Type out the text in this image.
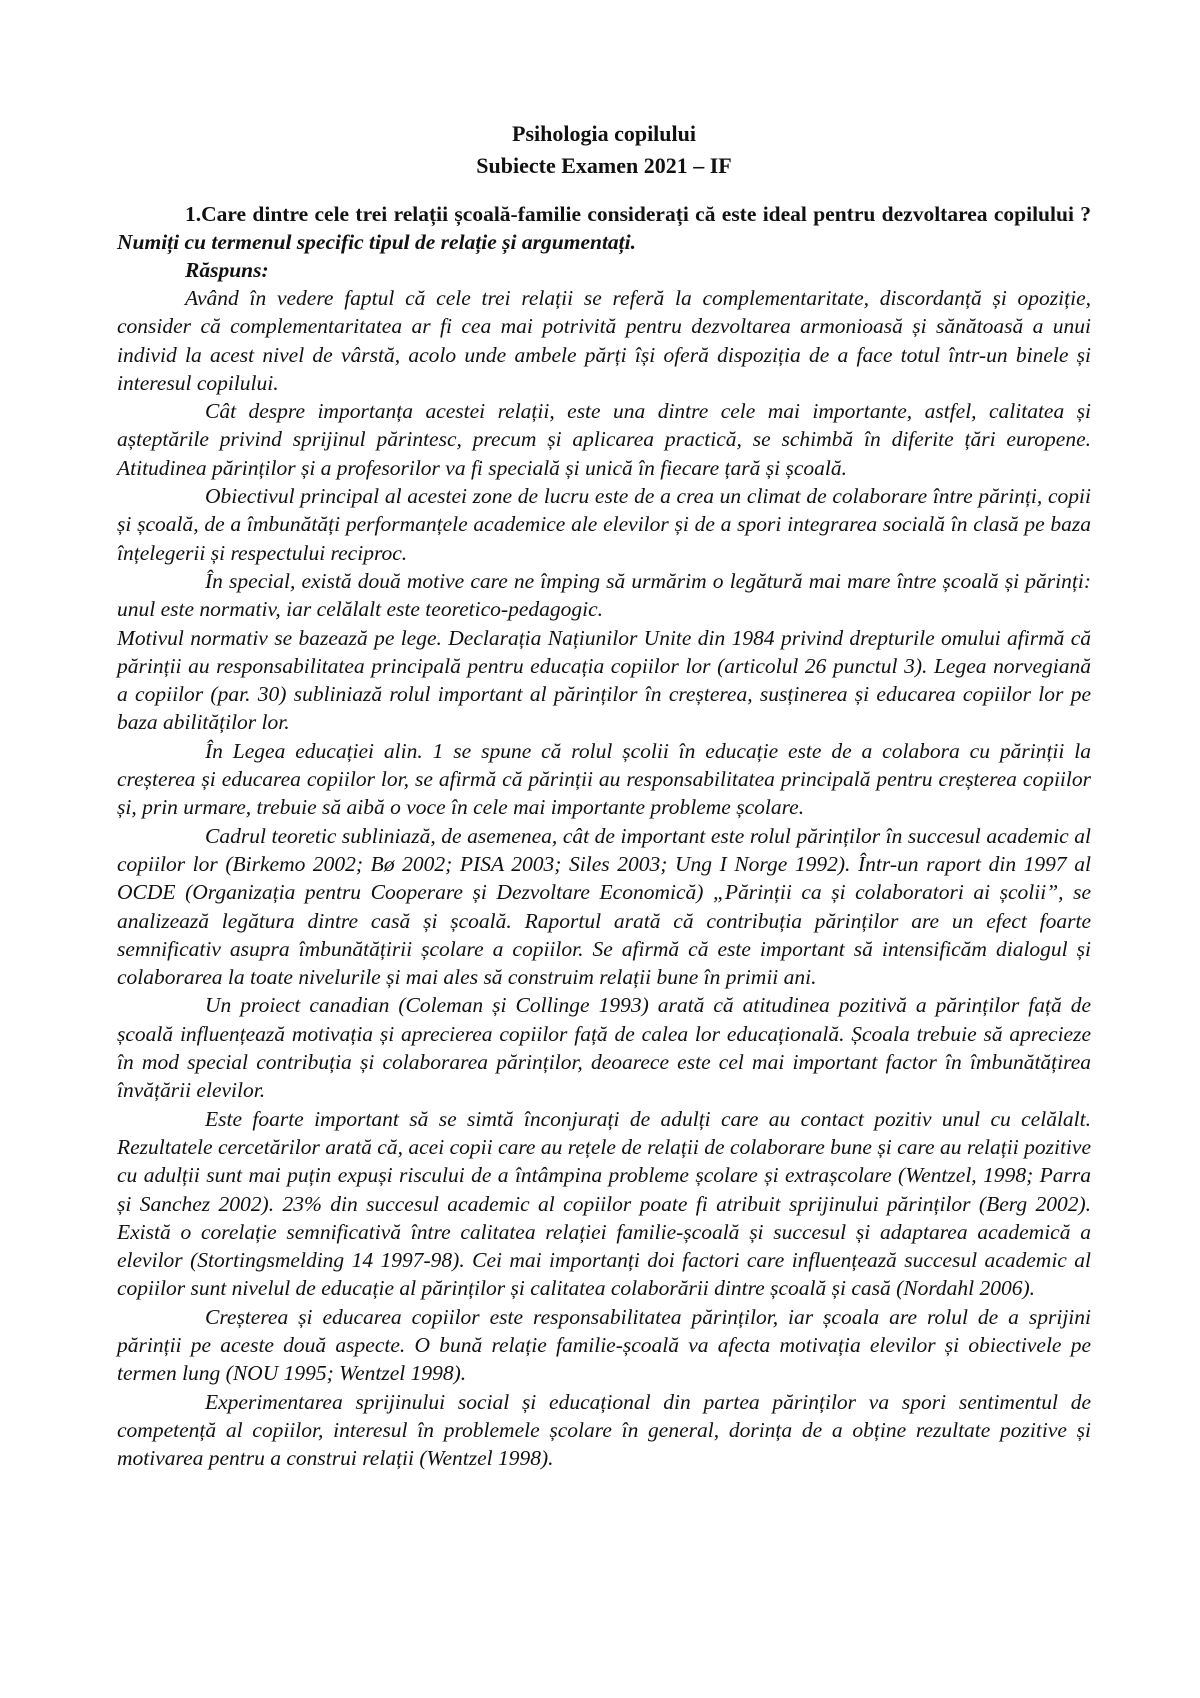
Psihologia copilului
Subiecte Examen 2021 – IF
1.Care dintre cele trei relații școală-familie considerați că este ideal pentru dezvoltarea copilului ? Numiți cu termenul specific tipul de relație și argumentați.
Răspuns:

Având în vedere faptul că cele trei relații se referă la complementaritate, discordanță și opoziție, consider că complementaritatea ar fi cea mai potrivită pentru dezvoltarea armonioasă și sănătoasă a unui individ la acest nivel de vârstă, acolo unde ambele părți își oferă dispoziția de a face totul într-un binele și interesul copilului.

Cât despre importanța acestei relații, este una dintre cele mai importante, astfel, calitatea și așteptările privind sprijinul părintesc, precum și aplicarea practică, se schimbă în diferite țări europene. Atitudinea părinților și a profesorilor va fi specială și unică în fiecare țară și școală.

Obiectivul principal al acestei zone de lucru este de a crea un climat de colaborare între părinți, copii și școală, de a îmbunătăți performanțele academice ale elevilor și de a spori integrarea socială în clasă pe baza înțelegerii și respectului reciproc.

În special, există două motive care ne împing să urmărim o legătură mai mare între școală și părinți: unul este normativ, iar celălalt este teoretico-pedagogic.

Motivul normativ se bazează pe lege. Declarația Națiunilor Unite din 1984 privind drepturile omului afirmă că părinții au responsabilitatea principală pentru educația copiilor lor (articolul 26 punctul 3). Legea norvegiană a copiilor (par. 30) subliniază rolul important al părinților în creșterea, susținerea și educarea copiilor lor pe baza abilităților lor.

În Legea educației alin. 1 se spune că rolul școlii în educație este de a colabora cu părinții la creșterea și educarea copiilor lor, se afirmă că părinții au responsabilitatea principală pentru creșterea copiilor și, prin urmare, trebuie să aibă o voce în cele mai importante probleme școlare.

Cadrul teoretic subliniază, de asemenea, cât de important este rolul părinților în succesul academic al copiilor lor (Birkemo 2002; Bø 2002; PISA 2003; Siles 2003; Ung I Norge 1992). Într-un raport din 1997 al OCDE (Organizația pentru Cooperare și Dezvoltare Economică) „Părinții ca și colaboratori ai școlii”, se analizează legătura dintre casă și școală. Raportul arată că contribuția părinților are un efect foarte semnificativ asupra îmbunătățirii școlare a copiilor. Se afirmă că este important să intensificăm dialogul și colaborarea la toate nivelurile și mai ales să construim relații bune în primii ani.

Un proiect canadian (Coleman și Collinge 1993) arată că atitudinea pozitivă a părinților față de școală influențează motivația și aprecierea copiilor față de calea lor educațională. Școala trebuie să aprecieze în mod special contribuția și colaborarea părinților, deoarece este cel mai important factor în îmbunătățirea învățării elevilor.

Este foarte important să se simtă înconjurați de adulți care au contact pozitiv unul cu celălalt. Rezultatele cercetărilor arată că, acei copii care au rețele de relații de colaborare bune și care au relații pozitive cu adulții sunt mai puțin expuși riscului de a întâmpina probleme școlare și extrașcolare (Wentzel, 1998; Parra și Sanchez 2002). 23% din succesul academic al copiilor poate fi atribuit sprijinului părinților (Berg 2002). Există o corelație semnificativă între calitatea relației familie-școală și succesul și adaptarea academică a elevilor (Stortingsmelding 14 1997-98). Cei mai importanți doi factori care influențează succesul academic al copiilor sunt nivelul de educație al părinților și calitatea colaborării dintre școală și casă (Nordahl 2006).

Creșterea și educarea copiilor este responsabilitatea părinților, iar școala are rolul de a sprijini părinții pe aceste două aspecte. O bună relație familie-școală va afecta motivația elevilor și obiectivele pe termen lung (NOU 1995; Wentzel 1998).

Experimentarea sprijinului social și educațional din partea părinților va spori sentimentul de competență al copiilor, interesul în problemele școlare în general, dorința de a obține rezultate pozitive și motivarea pentru a construi relații (Wentzel 1998).
